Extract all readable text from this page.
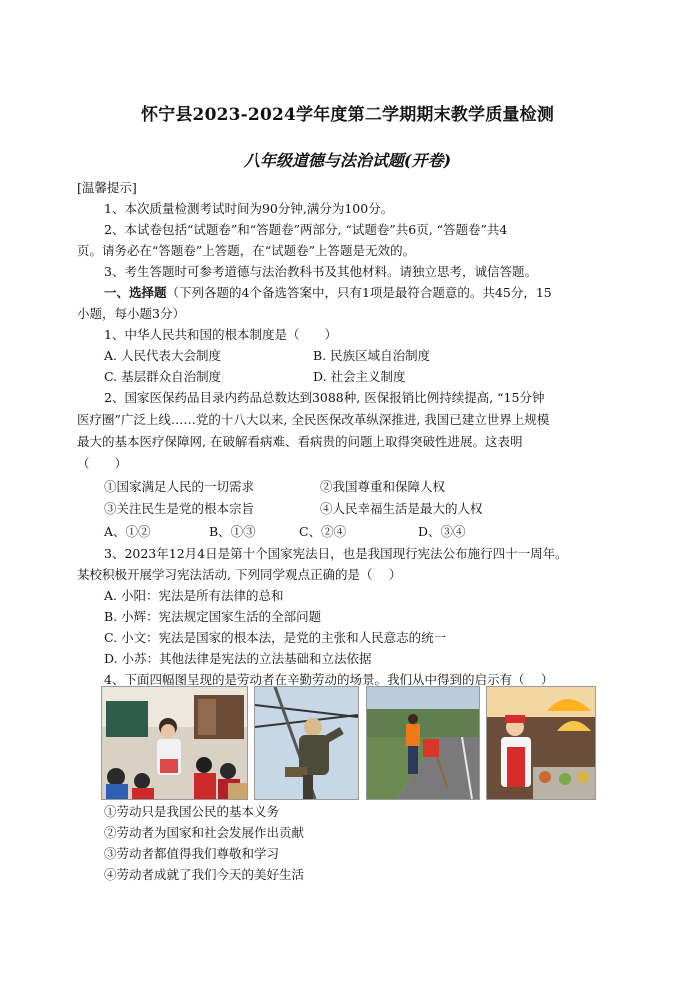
怀宁县2023-2024学年度第二学期期末教学质量检测
八年级道德与法治试题(开卷)
[温馨提示]
1、本次质量检测考试时间为90分钟,满分为100分。
2、本试卷包括“试题卷”和“答题卷”两部分, “试题卷”共6页, “答题卷”共4
页。请务必在“答题卷”上答题，在“试题卷”上答题是无效的。
3、考生答题时可参考道德与法治教科书及其他材料。请独立思考，诚信答题。
一、选择题（下列各题的4个备选答案中，只有1项是最符合题意的。共45分，15
小题，每小题3分）
1、中华人民共和国的根本制度是（　　）
A. 人民代表大会制度	B. 民族区域自治制度
C. 基层群众自治制度	D. 社会主义制度
2、国家医保药品目录内药品总数达到3088种, 医保报销比例持续提高, “15分钟
医疗圈”广泛上线……党的十八大以来, 全民医保改革纵深推进, 我国已建立世界上规模
最大的基本医疗保障网, 在破解看病难、看病贵的问题上取得突破性进展。这表明
（　　）
①国家满足人民的一切需求	②我国尊重和保障人权
③关注民生是党的根本宗旨	④人民幸福生活是最大的人权
A、①②	B、①③	C、②④	D、③④
3、2023年12月4日是第十个国家宪法日，也是我国现行宪法公布施行四十一周年。
某校积极开展学习宪法活动, 下列同学观点正确的是（　 ）
A. 小阳：宪法是所有法律的总和
B. 小辉：宪法规定国家生活的全部问题
C. 小文：宪法是国家的根本法，是党的主张和人民意志的统一
D. 小苏：其他法律是宪法的立法基础和立法依据
4、下面四幅图呈现的是劳动者在辛勤劳动的场景。我们从中得到的启示有（　 ）
①劳动只是我国公民的基本义务
②劳动者为国家和社会发展作出贡献
③劳动者都值得我们尊敬和学习
④劳动者成就了我们今天的美好生活
